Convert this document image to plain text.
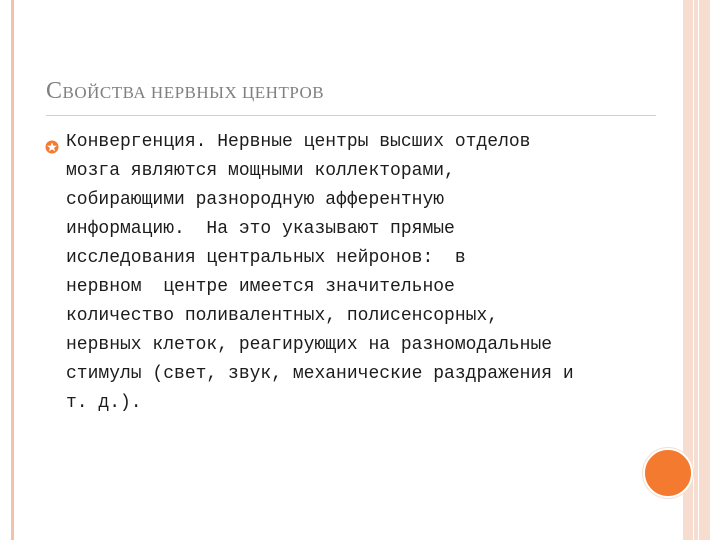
СВОЙСТВА НЕРВНЫХ ЦЕНТРОВ
Конвергенция. Нервные центры высших отделов
мозга являются мощными коллекторами,
собирающими разнородную афферентную
информацию.  На это указывают прямые
исследования центральных нейронов:  в
нервном  центре имеется значительное
количество поливалентных, полисенсорных,
нервных клеток, реагирующих на разномодальные
стимулы (свет, звук, механические раздражения и
т. д.).
